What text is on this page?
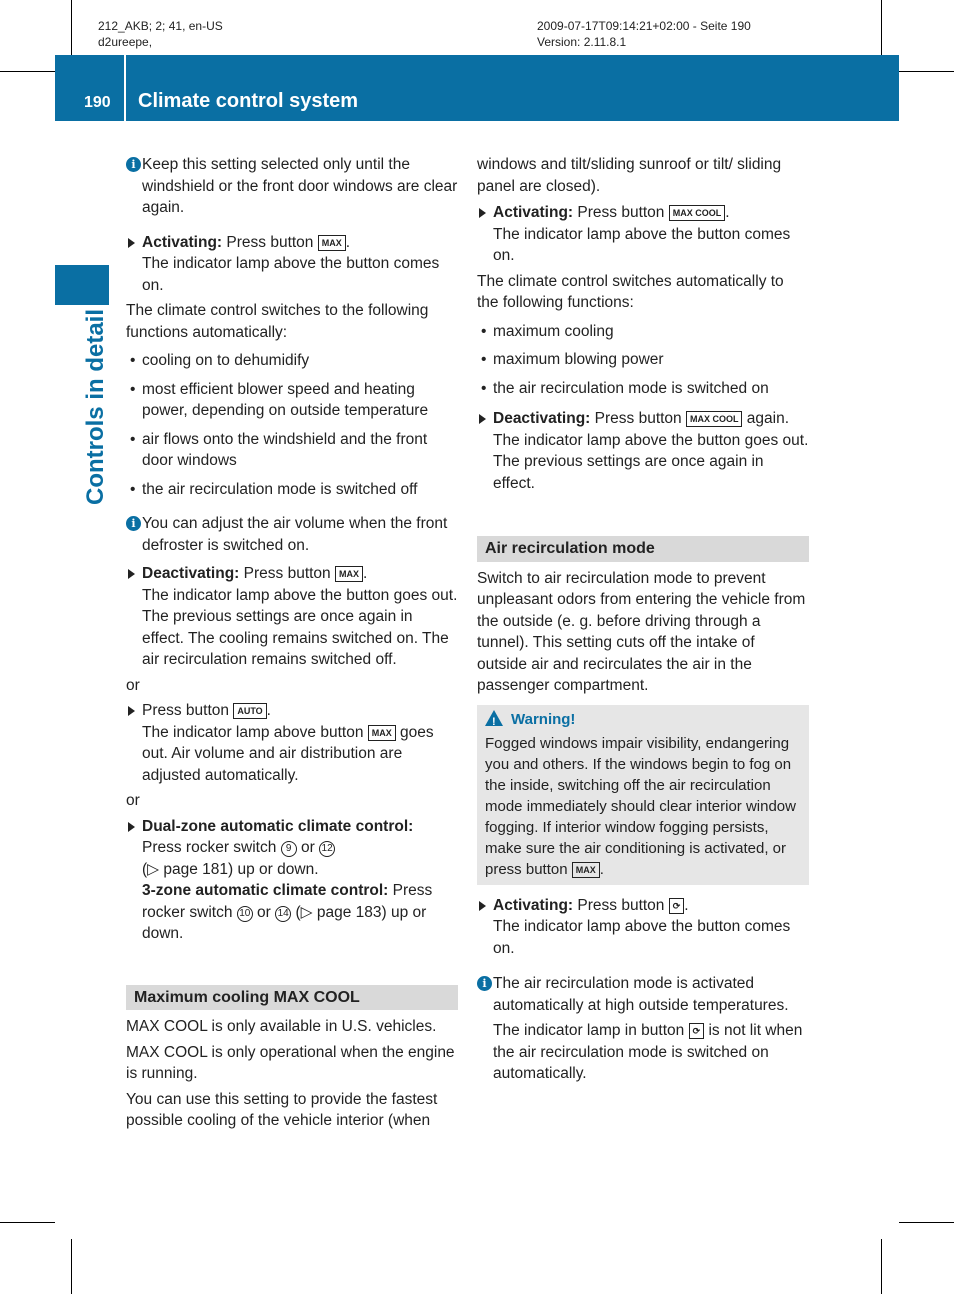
212_AKB; 2; 41, en-US
d2ureepe,
2009-07-17T09:14:21+02:00 - Seite 190
Version: 2.11.8.1
190 Climate control system
Controls in detail

i Keep this setting selected only until the windshield or the front door windows are clear again.

Activating: Press button MAX .
The indicator lamp above the button comes on.

The climate control switches to the following functions automatically:

• cooling on to dehumidify

• most efficient blower speed and heating power, depending on outside temperature

• air flows onto the windshield and the front door windows

• the air recirculation mode is switched off

i You can adjust the air volume when the front defroster is switched on.

Deactivating: Press button MAX .
The indicator lamp above the button goes out. The previous settings are once again in effect. The cooling remains switched on. The air recirculation remains switched off.

or

Press button AUTO .
The indicator lamp above button MAX goes out. Air volume and air distribution are adjusted automatically.

or

Dual-zone automatic climate control:
Press rocker switch 9 or 12
(▷ page 181) up or down.
3-zone automatic climate control: Press rocker switch 10 or 14 (▷ page 183) up or down.

Maximum cooling MAX COOL

MAX COOL is only available in U.S. vehicles.

MAX COOL is only operational when the engine is running.

You can use this setting to provide the fastest possible cooling of the vehicle interior (when

windows and tilt/sliding sunroof or tilt/ sliding panel are closed).

Activating: Press button MAX COOL .
The indicator lamp above the button comes on.

The climate control switches automatically to the following functions:

• maximum cooling

• maximum blowing power

• the air recirculation mode is switched on

Deactivating: Press button MAX COOL again.
The indicator lamp above the button goes out. The previous settings are once again in effect.

Air recirculation mode

Switch to air recirculation mode to prevent unpleasant odors from entering the vehicle from the outside (e. g. before driving through a tunnel). This setting cuts off the intake of outside air and recirculates the air in the passenger compartment.

!Warning!
Fogged windows impair visibility, endangering you and others. If the windows begin to fog on the inside, switching off the air recirculation mode immediately should clear interior window fogging. If interior window fogging persists, make sure the air conditioning is activated, or press button MAX .

Activating: Press button ⟳ .
The indicator lamp above the button comes on.

i The air recirculation mode is activated automatically at high outside temperatures.

The indicator lamp in button ⟳ is not lit when the air recirculation mode is switched on automatically.
